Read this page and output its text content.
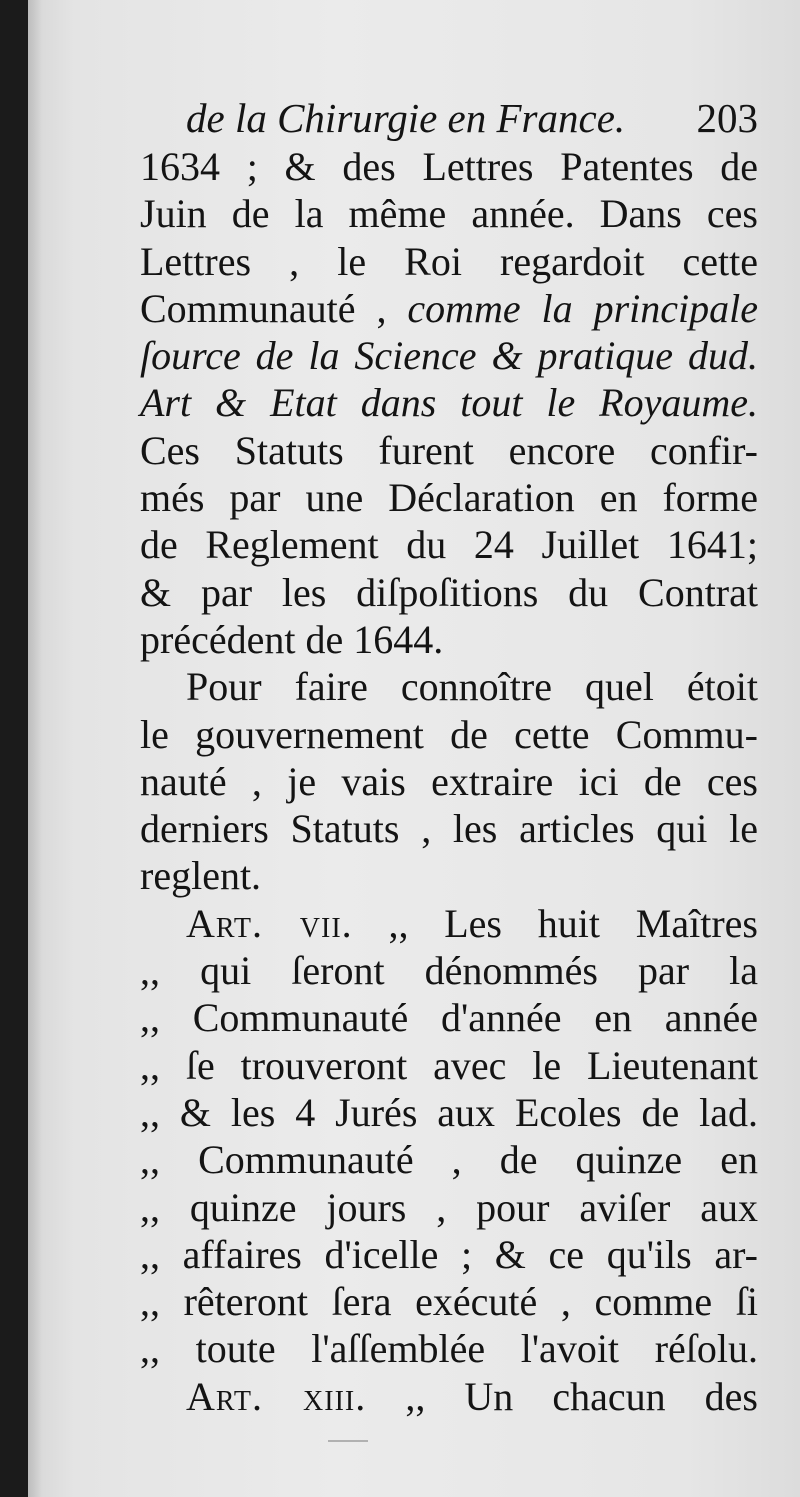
de la Chirurgie en France. 203
1634 ; & des Lettres Patentes de
Juin de la même année. Dans ces
Lettres , le Roi regardoit cette
Communauté , comme la principale
ſource de la Science & pratique dud.
Art & Etat dans tout le Royaume.
Ces Statuts furent encore confir-
més par une Déclaration en forme
de Reglement du 24 Juillet 1641;
& par les diſpoſitions du Contrat
précédent de 1644.
Pour faire connoître quel étoit
le gouvernement de cette Commu-
nauté , je vais extraire ici de ces
derniers Statuts , les articles qui le
reglent.
Art. vii. ,, Les huit Maîtres
,, qui ſeront dénommés par la
,, Communauté d'année en année
,, ſe trouveront avec le Lieutenant
,, & les 4 Jurés aux Ecoles de lad.
,, Communauté , de quinze en
,, quinze jours , pour aviſer aux
,, affaires d'icelle ; & ce qu'ils ar-
,, rêteront ſera exécuté , comme ſi
,, toute l'aſſemblée l'avoit réſolu.
Art. xiii. ,, Un chacun des
